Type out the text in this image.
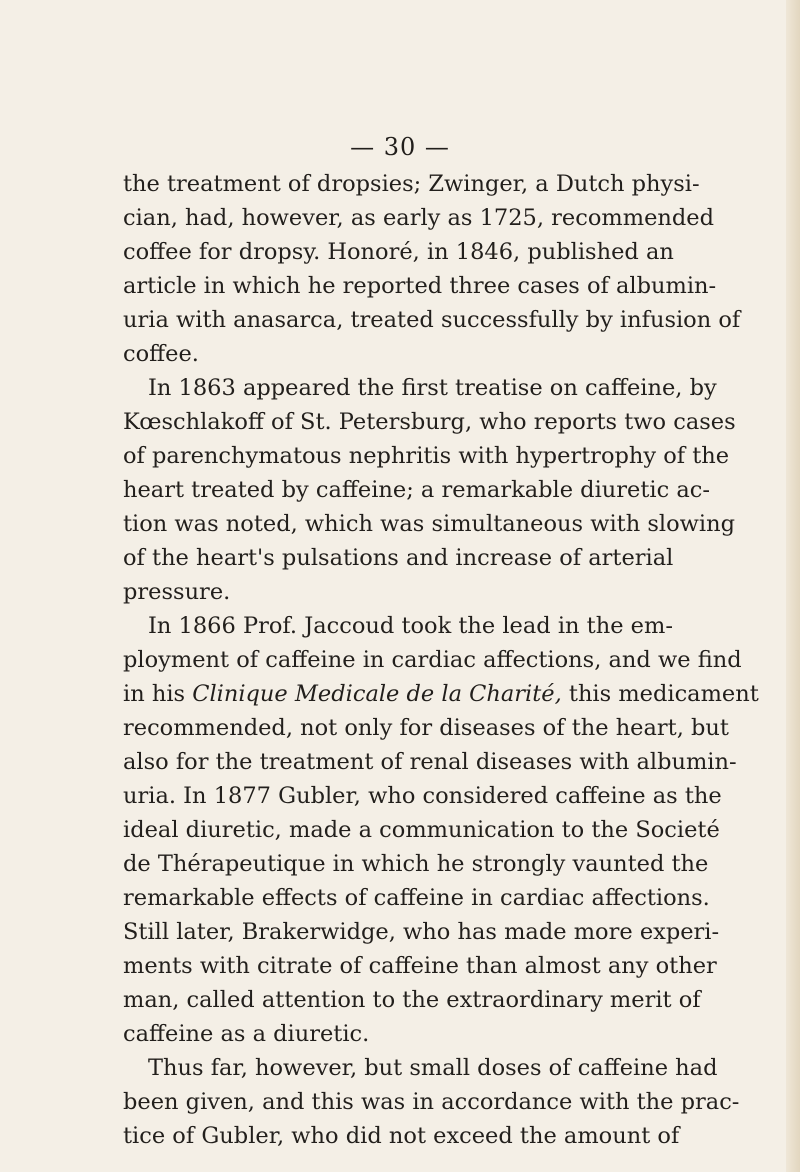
— 30 —
the treatment of dropsies; Zwinger, a Dutch physi-
cian, had, however, as early as 1725, recommended
coffee for dropsy. Honoré, in 1846, published an
article in which he reported three cases of albumin-
uria with anasarca, treated successfully by infusion of
coffee.
In 1863 appeared the first treatise on caffeine, by
Kœschlakoff of St. Petersburg, who reports two cases
of parenchymatous nephritis with hypertrophy of the
heart treated by caffeine; a remarkable diuretic ac-
tion was noted, which was simultaneous with slowing
of the heart's pulsations and increase of arterial
pressure.
In 1866 Prof. Jaccoud took the lead in the em-
ployment of caffeine in cardiac affections, and we find
in his Clinique Medicale de la Charité, this medicament
recommended, not only for diseases of the heart, but
also for the treatment of renal diseases with albumin-
uria. In 1877 Gubler, who considered caffeine as the
ideal diuretic, made a communication to the Societé
de Thérapeutique in which he strongly vaunted the
remarkable effects of caffeine in cardiac affections.
Still later, Brakerwidge, who has made more experi-
ments with citrate of caffeine than almost any other
man, called attention to the extraordinary merit of
caffeine as a diuretic.
Thus far, however, but small doses of caffeine had
been given, and this was in accordance with the prac-
tice of Gubler, who did not exceed the amount of
